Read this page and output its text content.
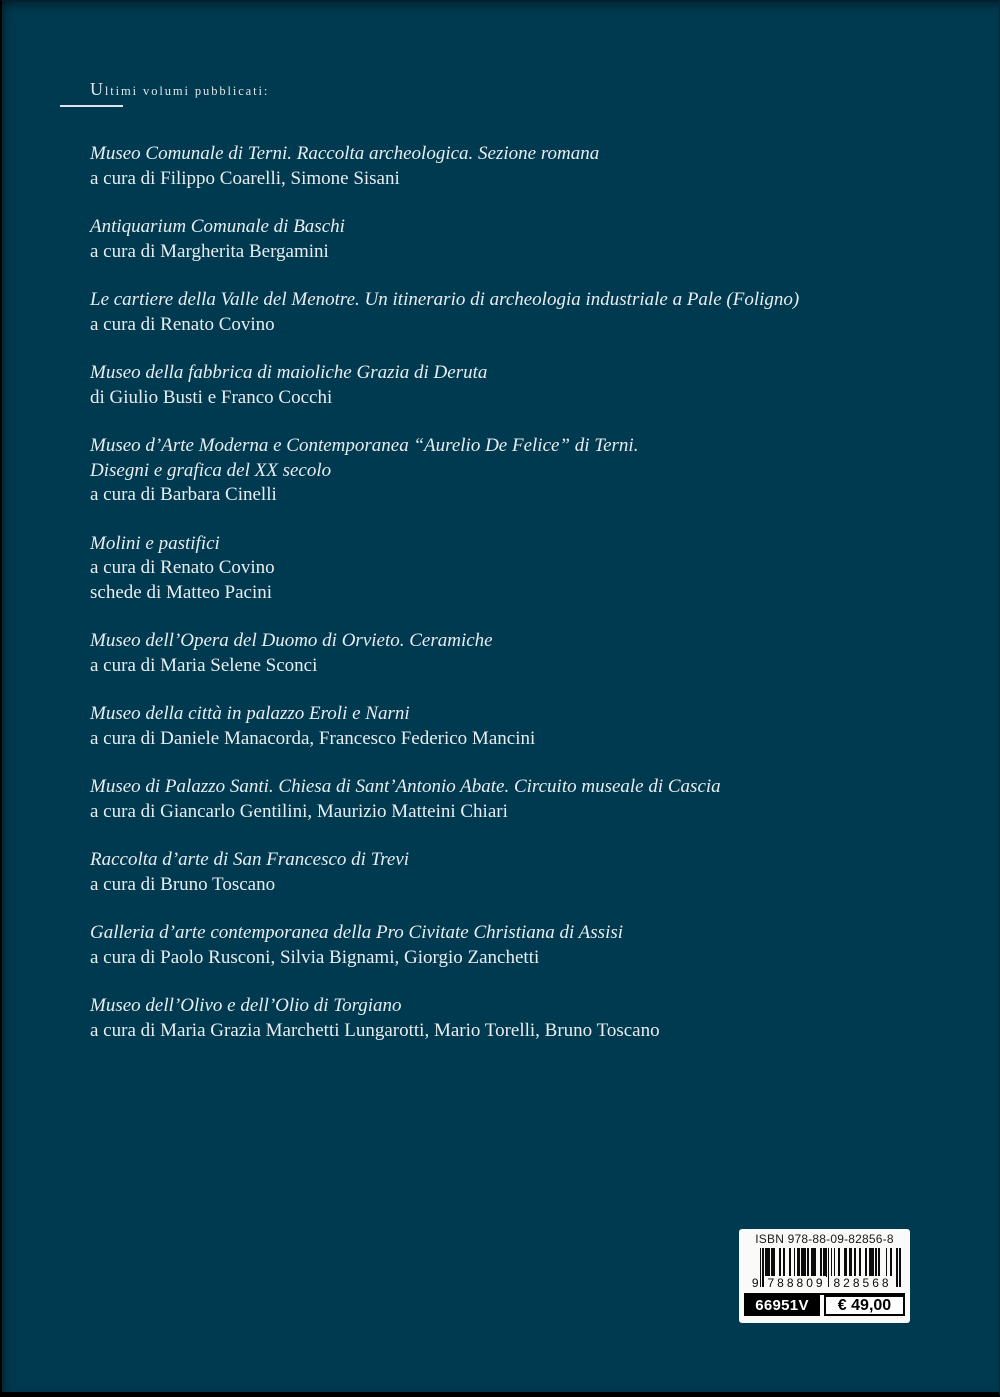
Ultimi volumi pubblicati:
Museo Comunale di Terni. Raccolta archeologica. Sezione romana
a cura di Filippo Coarelli, Simone Sisani
Antiquarium Comunale di Baschi
a cura di Margherita Bergamini
Le cartiere della Valle del Menotre. Un itinerario di archeologia industriale a Pale (Foligno)
a cura di Renato Covino
Museo della fabbrica di maioliche Grazia di Deruta
di Giulio Busti e Franco Cocchi
Museo d’Arte Moderna e Contemporanea “Aurelio De Felice” di Terni.
Disegni e grafica del XX secolo
a cura di Barbara Cinelli
Molini e pastifici
a cura di Renato Covino
schede di Matteo Pacini
Museo dell’Opera del Duomo di Orvieto. Ceramiche
a cura di Maria Selene Sconci
Museo della città in palazzo Eroli e Narni
a cura di Daniele Manacorda, Francesco Federico Mancini
Museo di Palazzo Santi. Chiesa di Sant’Antonio Abate. Circuito museale di Cascia
a cura di Giancarlo Gentilini, Maurizio Matteini Chiari
Raccolta d’arte di San Francesco di Trevi
a cura di Bruno Toscano
Galleria d’arte contemporanea della Pro Civitate Christiana di Assisi
a cura di Paolo Rusconi, Silvia Bignami, Giorgio Zanchetti
Museo dell’Olivo e dell’Olio di Torgiano
a cura di Maria Grazia Marchetti Lungarotti, Mario Torelli, Bruno Toscano
ISBN 978-88-09-82856-8
9 788809 828568
66951V	€ 49,00
